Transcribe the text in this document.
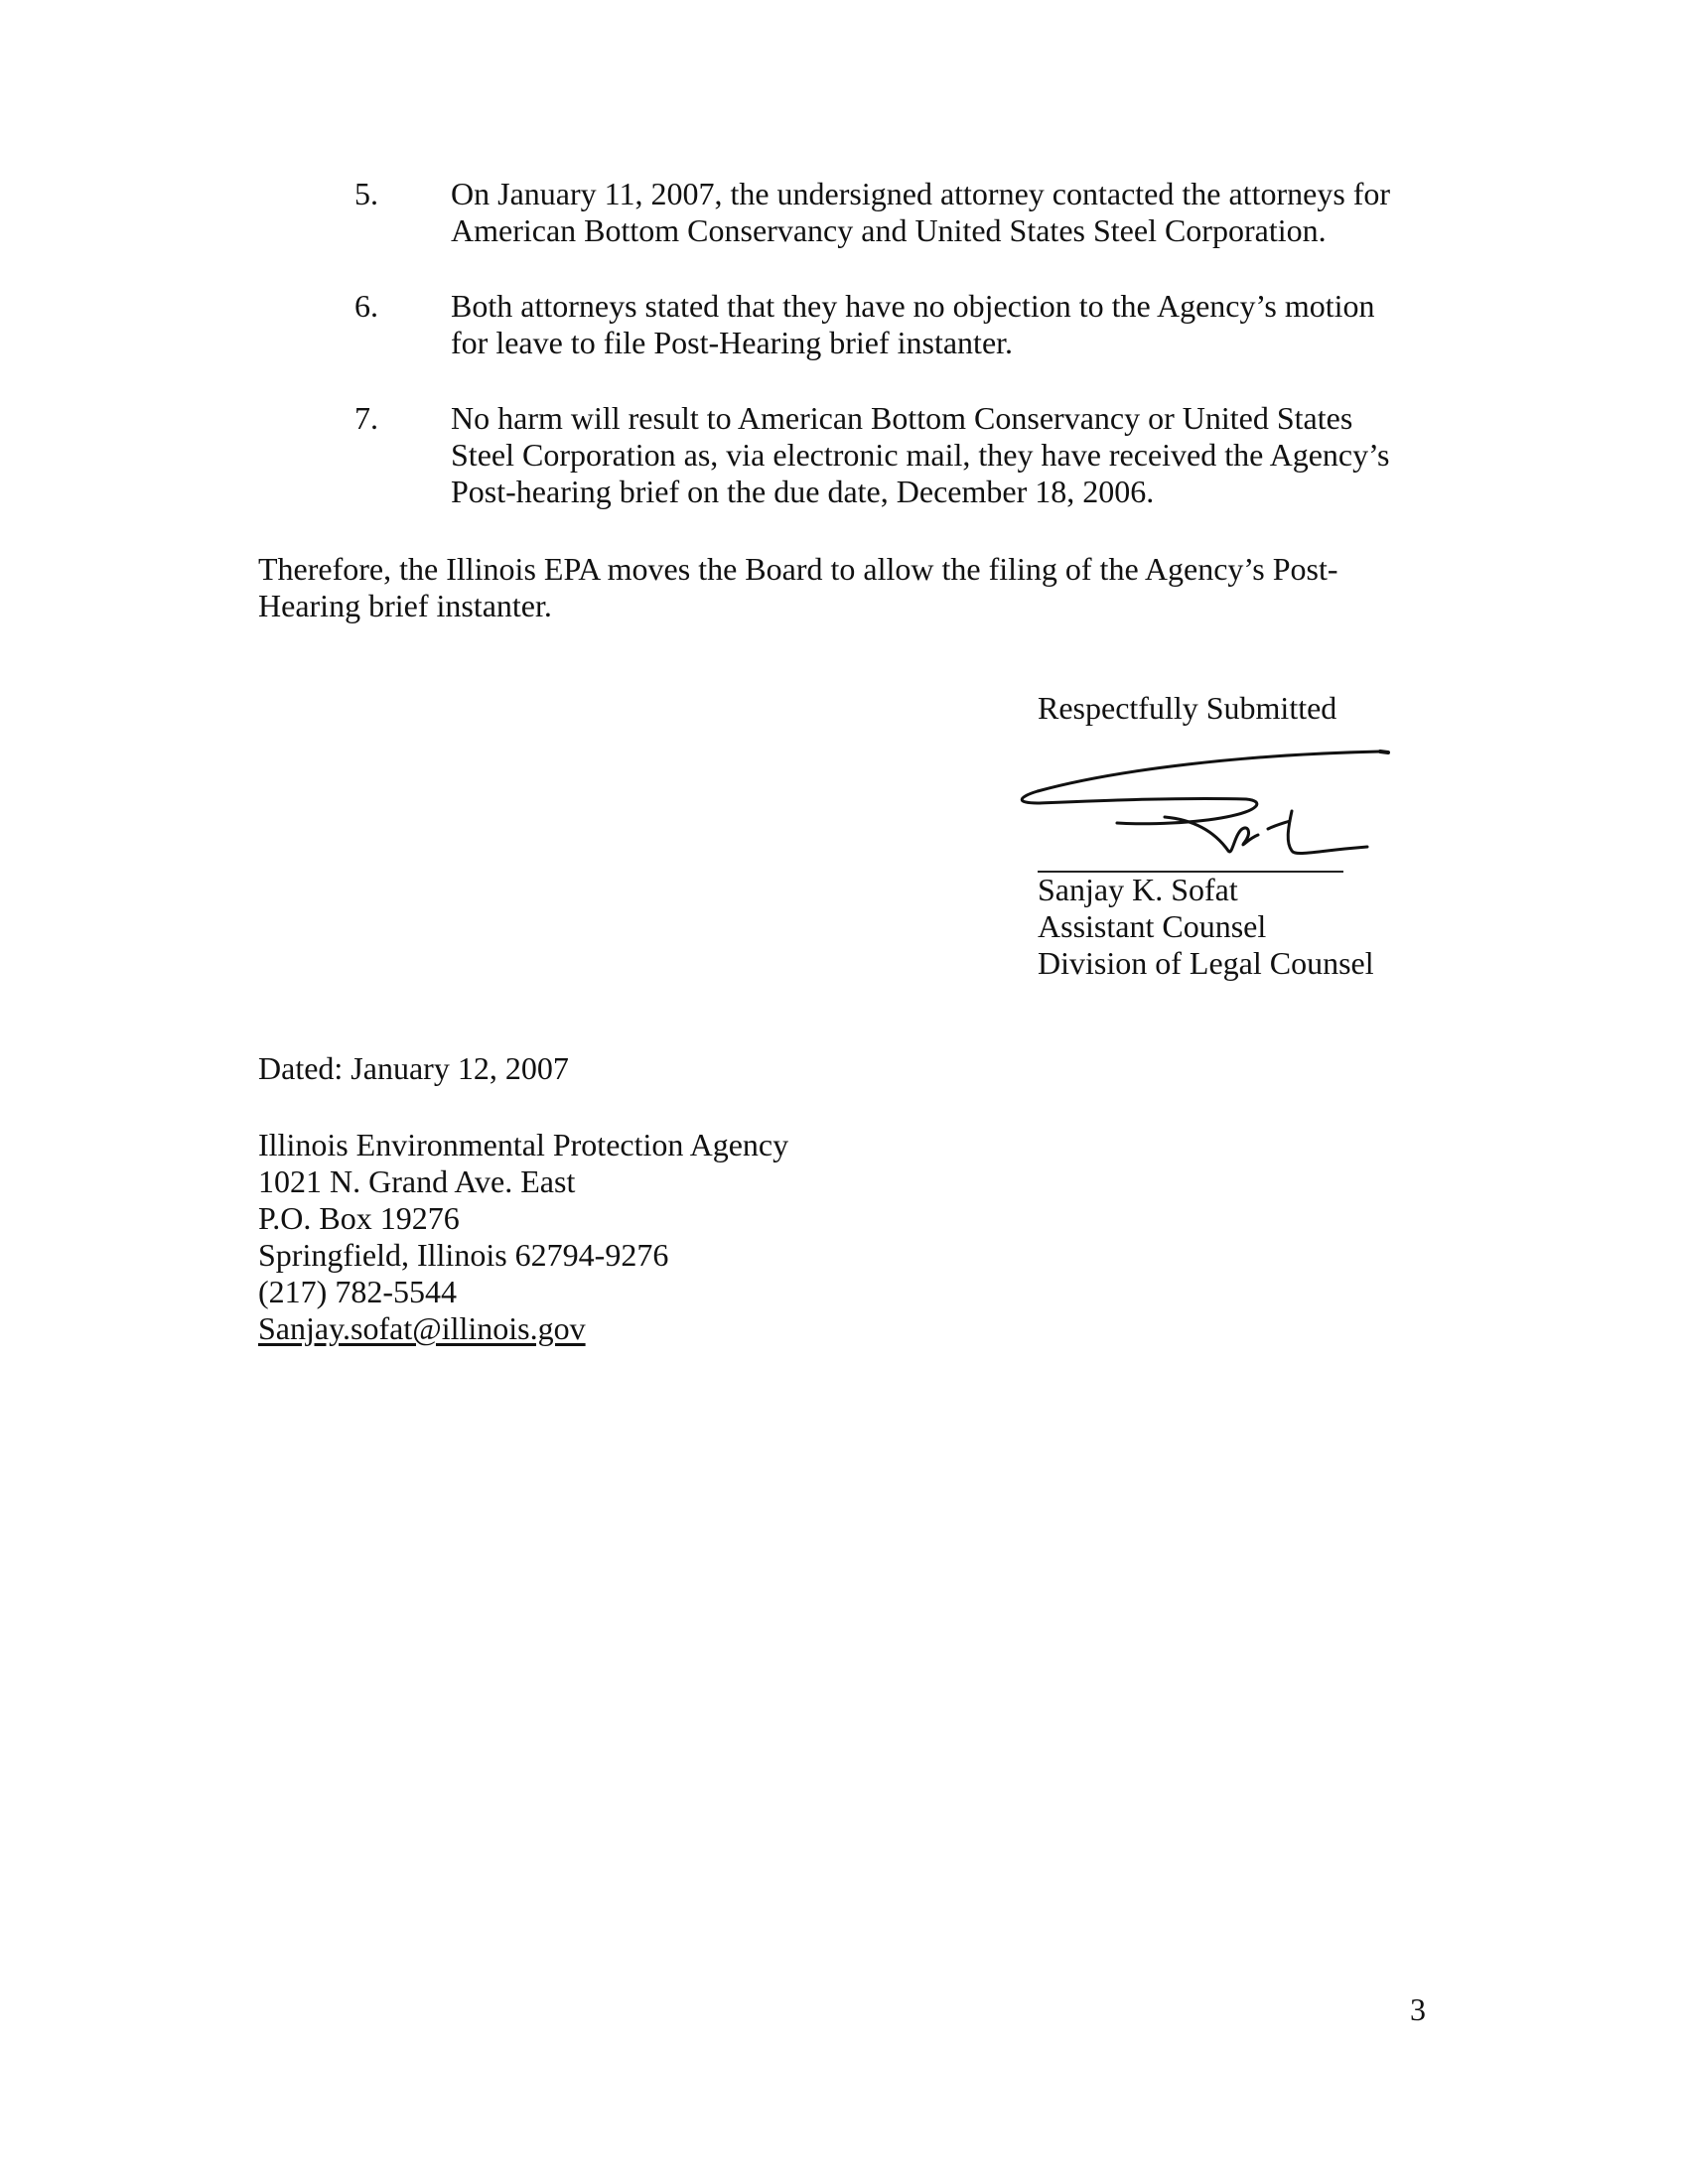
5. On January 11, 2007, the undersigned attorney contacted the attorneys for
American Bottom Conservancy and United States Steel Corporation.
6. Both attorneys stated that they have no objection to the Agency’s motion
for leave to file Post-Hearing brief instanter.
7. No harm will result to American Bottom Conservancy or United States
Steel Corporation as, via electronic mail, they have received the Agency’s
Post-hearing brief on the due date, December 18, 2006.
Therefore, the Illinois EPA moves the Board to allow the filing of the Agency’s Post-
Hearing brief instanter.
Respectfully Submitted
Sanjay K. Sofat
Assistant Counsel
Division of Legal Counsel
Dated: January 12, 2007
Illinois Environmental Protection Agency
1021 N. Grand Ave. East
P.O. Box 19276
Springfield, Illinois 62794-9276
(217) 782-5544
Sanjay.sofat@illinois.gov
3
